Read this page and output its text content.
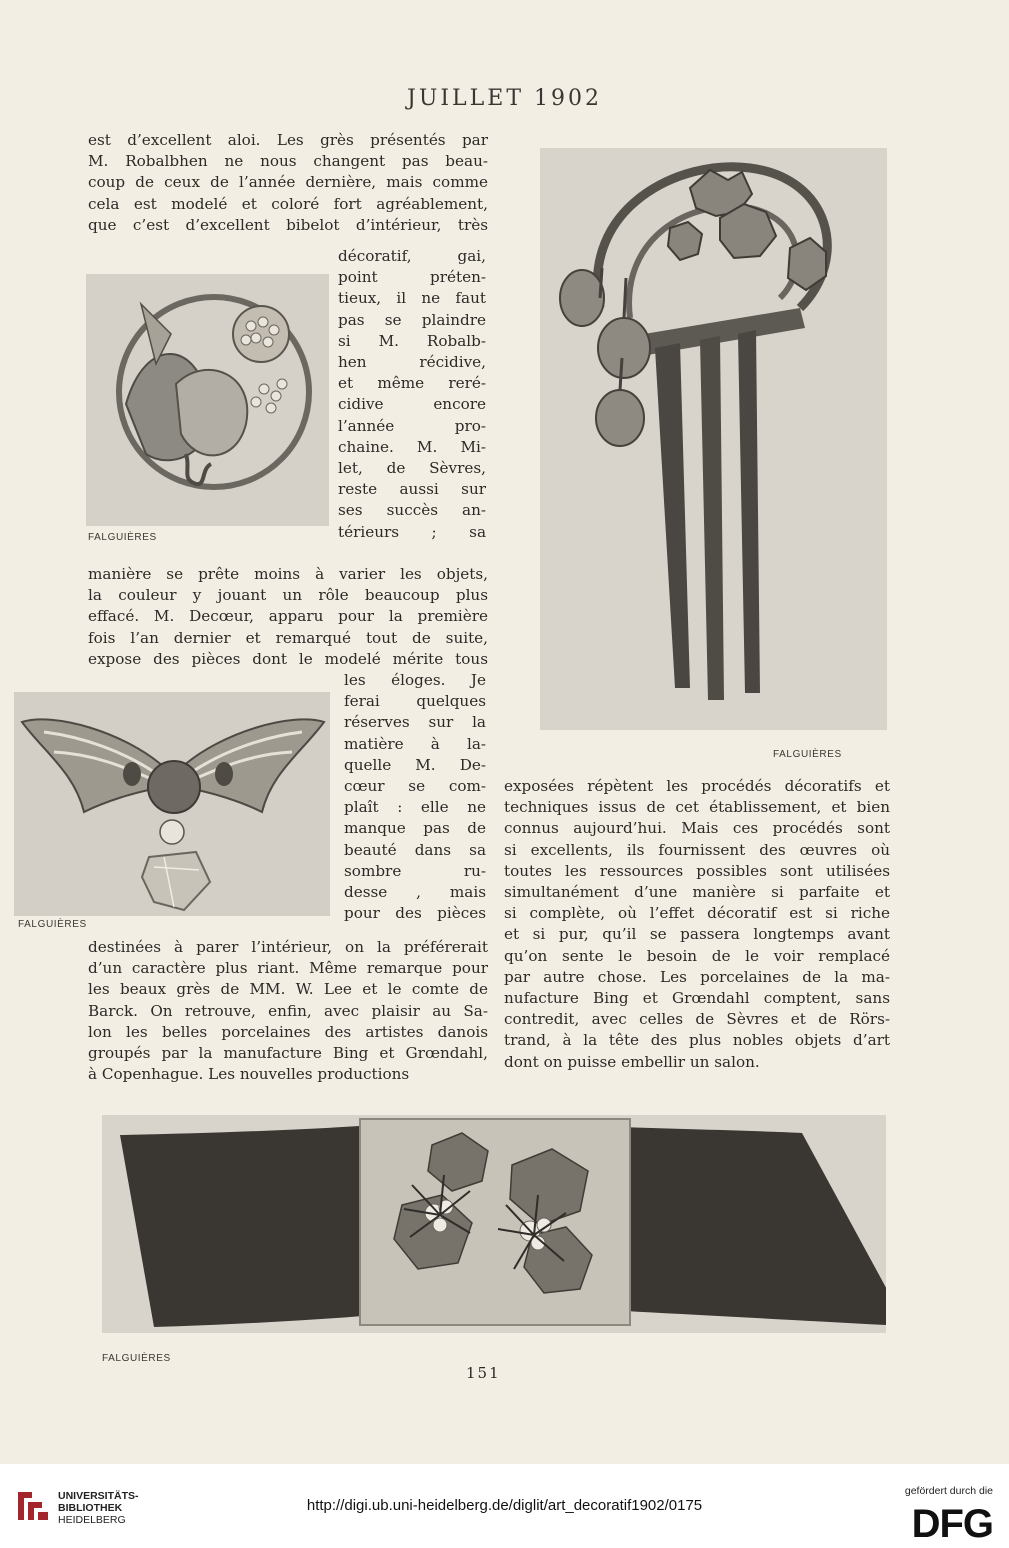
JUILLET 1902
est d’excellent aloi. Les grès présentés par
M. Robalbhen ne nous changent pas beau-
coup de ceux de l’année dernière, mais comme
cela est modelé et coloré fort agréablement,
que c’est d’excellent bibelot d’intérieur, très
décoratif, gai,
point préten-
tieux, il ne faut
pas se plaindre
si M. Robalb-
hen récidive,
et même reré-
cidive encore
l’année pro-
chaine. M. Mi-
let, de Sèvres,
reste aussi sur
ses succès an-
térieurs ; sa
FALGUIÈRES
manière se prête moins à varier les objets,
la couleur y jouant un rôle beaucoup plus
effacé. M. Decœur, apparu pour la première
fois l’an dernier et remarqué tout de suite,
expose des pièces dont le modelé mérite tous
les éloges. Je
ferai quelques
réserves sur la
matière à la-
quelle M. De-
cœur se com-
plaît : elle ne
manque pas de
beauté dans sa
sombre ru-
desse , mais
pour des pièces
FALGUIÈRES
destinées à parer l’intérieur, on la préférerait
d’un caractère plus riant. Même remarque pour
les beaux grès de MM. W. Lee et le comte de
Barck. On retrouve, enfin, avec plaisir au Sa-
lon les belles porcelaines des artistes danois
groupés par la manufacture Bing et Grœndahl,
à Copenhague. Les nouvelles productions
FALGUIÈRES
exposées répètent les procédés décoratifs et
techniques issus de cet établissement, et bien
connus aujourd’hui. Mais ces procédés sont
si excellents, ils fournissent des œuvres où
toutes les ressources possibles sont utilisées
simultanément d’une manière si parfaite et
si complète, où l’effet décoratif est si riche
et si pur, qu’il se passera longtemps avant
qu’on sente le besoin de le voir remplacé
par autre chose. Les porcelaines de la ma-
nufacture Bing et Grœndahl comptent, sans
contredit, avec celles de Sèvres et de Rörs-
trand, à la tête des plus nobles objets d’art
dont on puisse embellir un salon.
FALGUIÈRES
151
UNIVERSITÄTS-
BIBLIOTHEK
HEIDELBERG
http://digi.ub.uni-heidelberg.de/diglit/art_decoratif1902/0175
gefördert durch die
DFG
